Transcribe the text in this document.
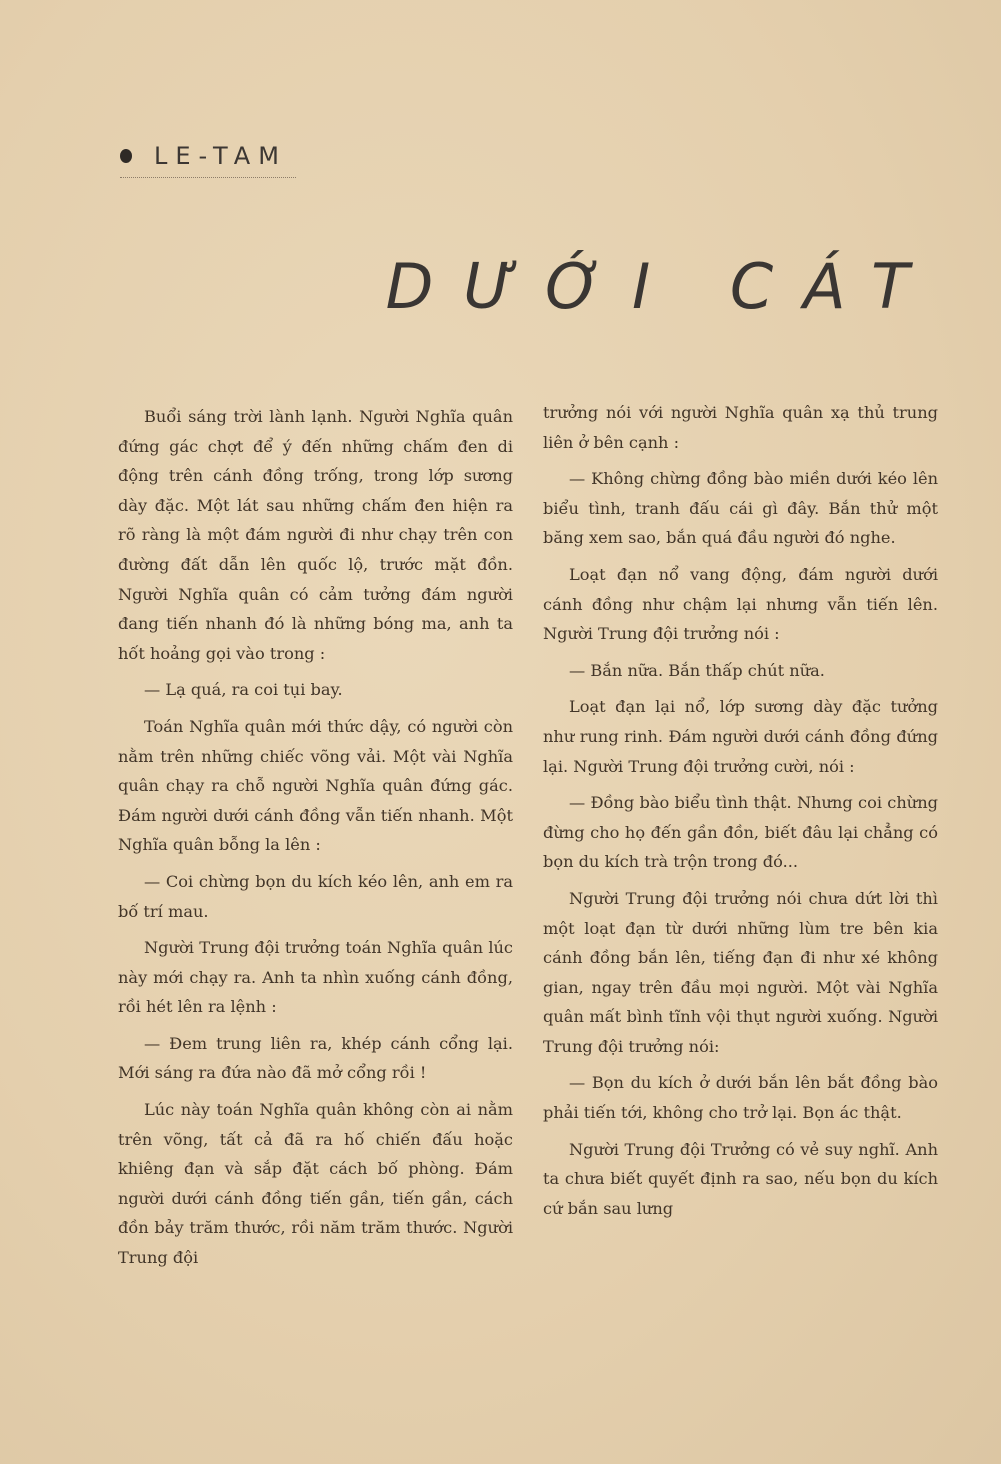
LE-TAM
DƯỚI CÁT

Buổi sáng trời lành lạnh. Người Nghĩa quân đứng gác chợt để ý đến những chấm đen di động trên cánh đồng trống, trong lớp sương dày đặc. Một lát sau những chấm đen hiện ra rõ ràng là một đám người đi như chạy trên con đường đất dẫn lên quốc lộ, trước mặt đồn. Người Nghĩa quân có cảm tưởng đám người đang tiến nhanh đó là những bóng ma, anh ta hốt hoảng gọi vào trong :

— Lạ quá, ra coi tụi bay.

Toán Nghĩa quân mới thức dậy, có người còn nằm trên những chiếc võng vải. Một vài Nghĩa quân chạy ra chỗ người Nghĩa quân đứng gác. Đám người dưới cánh đồng vẫn tiến nhanh. Một Nghĩa quân bỗng la lên :

— Coi chừng bọn du kích kéo lên, anh em ra bố trí mau.

Người Trung đội trưởng toán Nghĩa quân lúc này mới chạy ra. Anh ta nhìn xuống cánh đồng, rồi hét lên ra lệnh :

— Đem trung liên ra, khép cánh cổng lại. Mới sáng ra đứa nào đã mở cổng rồi !

Lúc này toán Nghĩa quân không còn ai nằm trên võng, tất cả đã ra hố chiến đấu hoặc khiêng đạn và sắp đặt cách bố phòng. Đám người dưới cánh đồng tiến gần, tiến gần, cách đồn bảy trăm thước, rồi năm trăm thước. Người Trung đội

trưởng nói với người Nghĩa quân xạ thủ trung liên ở bên cạnh :

— Không chừng đồng bào miền dưới kéo lên biểu tình, tranh đấu cái gì đây. Bắn thử một băng xem sao, bắn quá đầu người đó nghe.

Loạt đạn nổ vang động, đám người dưới cánh đồng như chậm lại nhưng vẫn tiến lên. Người Trung đội trưởng nói :

— Bắn nữa. Bắn thấp chút nữa.

Loạt đạn lại nổ, lớp sương dày đặc tưởng như rung rinh. Đám người dưới cánh đồng đứng lại. Người Trung đội trưởng cười, nói :

— Đồng bào biểu tình thật. Nhưng coi chừng đừng cho họ đến gần đồn, biết đâu lại chẳng có bọn du kích trà trộn trong đó...

Người Trung đội trưởng nói chưa dứt lời thì một loạt đạn từ dưới những lùm tre bên kia cánh đồng bắn lên, tiếng đạn đi như xé không gian, ngay trên đầu mọi người. Một vài Nghĩa quân mất bình tĩnh vội thụt người xuống. Người Trung đội trưởng nói:

— Bọn du kích ở dưới bắn lên bắt đồng bào phải tiến tới, không cho trở lại. Bọn ác thật.

Người Trung đội Trưởng có vẻ suy nghĩ. Anh ta chưa biết quyết định ra sao, nếu bọn du kích cứ bắn sau lưng
